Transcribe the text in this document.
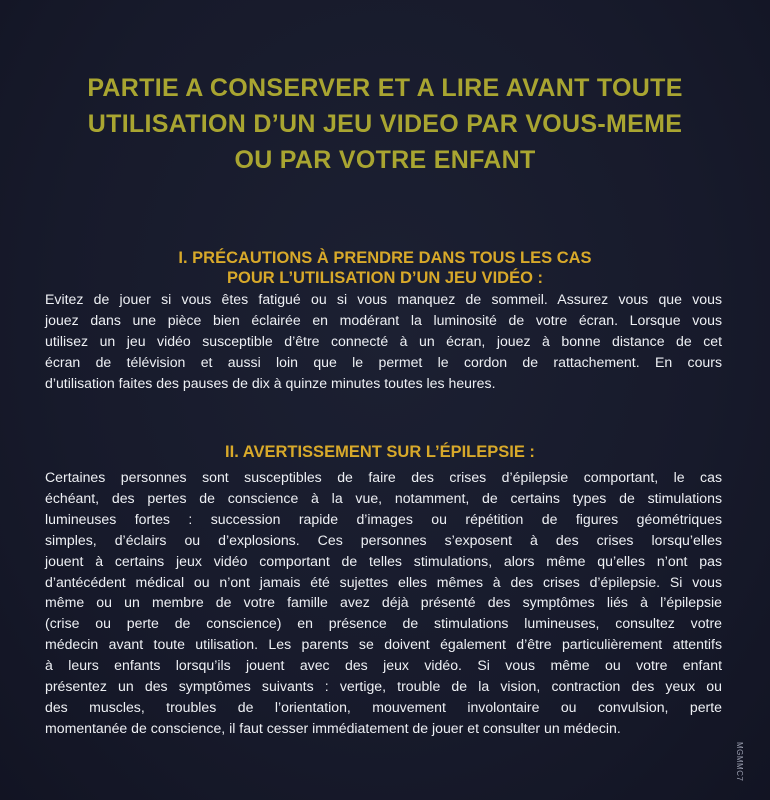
PARTIE A CONSERVER ET A LIRE AVANT TOUTE
UTILISATION D’UN JEU VIDEO PAR VOUS-MEME
OU PAR VOTRE ENFANT
I. PRÉCAUTIONS À PRENDRE DANS TOUS LES CAS
POUR L’UTILISATION D’UN JEU VIDÉO :
Evitez de jouer si vous êtes fatigué ou si vous manquez de sommeil. Assurez vous que vous
jouez dans une pièce bien éclairée en modérant la luminosité de votre écran. Lorsque vous
utilisez un jeu vidéo susceptible d’être connecté à un écran, jouez à bonne distance de cet
écran de télévision et aussi loin que le permet le cordon de rattachement. En cours
d’utilisation faites des pauses de dix à quinze minutes toutes les heures.
II. AVERTISSEMENT SUR L’ÉPILEPSIE :
Certaines personnes sont susceptibles de faire des crises d’épilepsie comportant, le cas
échéant, des pertes de conscience à la vue, notamment, de certains types de stimulations
lumineuses fortes : succession rapide d’images ou répétition de figures géométriques
simples, d’éclairs ou d’explosions. Ces personnes s’exposent à des crises lorsqu’elles
jouent à certains jeux vidéo comportant de telles stimulations, alors même qu’elles n’ont pas
d’antécédent médical ou n’ont jamais été sujettes elles mêmes à des crises d’épilepsie. Si vous
même ou un membre de votre famille avez déjà présenté des symptômes liés à l’épilepsie
(crise ou perte de conscience) en présence de stimulations lumineuses, consultez votre
médecin avant toute utilisation. Les parents se doivent également d’être particulièrement attentifs
à leurs enfants lorsqu’ils jouent avec des jeux vidéo. Si vous même ou votre enfant
présentez un des symptômes suivants : vertige, trouble de la vision, contraction des yeux ou
des muscles, troubles de l’orientation, mouvement involontaire ou convulsion, perte
momentanée de conscience, il faut cesser immédiatement de jouer et consulter un médecin.
MGMMC7
